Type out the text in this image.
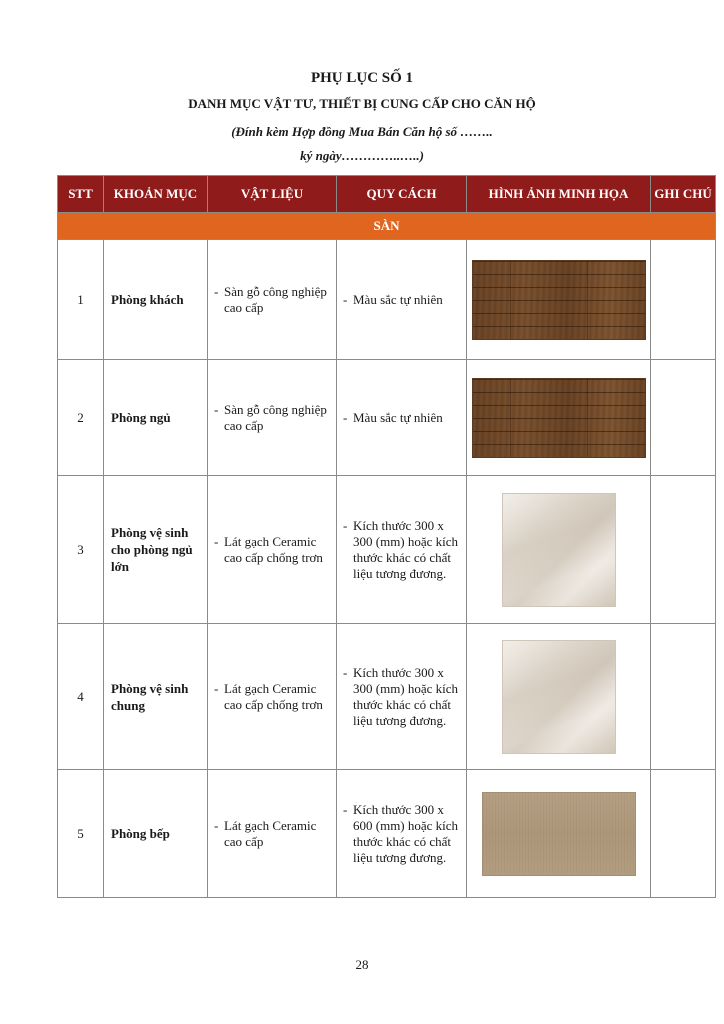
PHỤ LỤC SỐ 1
DANH MỤC VẬT TƯ, THIẾT BỊ CUNG CẤP CHO CĂN HỘ
(Đính kèm Hợp đồng Mua Bán Căn hộ số ……..
ký ngày…………..…..)
STT	KHOẢN MỤC	VẬT LIỆU	QUY CÁCH	HÌNH ẢNH MINH HỌA	GHI CHÚ
SÀN					
1	Phòng khách	- Sàn gỗ công nghiệp cao cấp	- Màu sắc tự nhiên		

2	Phòng ngủ	- Sàn gỗ công nghiệp cao cấp	- Màu sắc tự nhiên		

3	Phòng vệ sinh cho phòng ngủ lớn	- Lát gạch Ceramic cao cấp chống trơn	- Kích thước 300 x 300 (mm) hoặc kích thước khác có chất liệu tương đương.		

4	Phòng vệ sinh chung	- Lát gạch Ceramic cao cấp chống trơn	- Kích thước 300 x 300 (mm) hoặc kích thước khác có chất liệu tương đương.		

5	Phòng bếp	- Lát gạch Ceramic cao cấp	- Kích thước 300 x 600 (mm) hoặc kích thước khác có chất liệu tương đương.		

28
